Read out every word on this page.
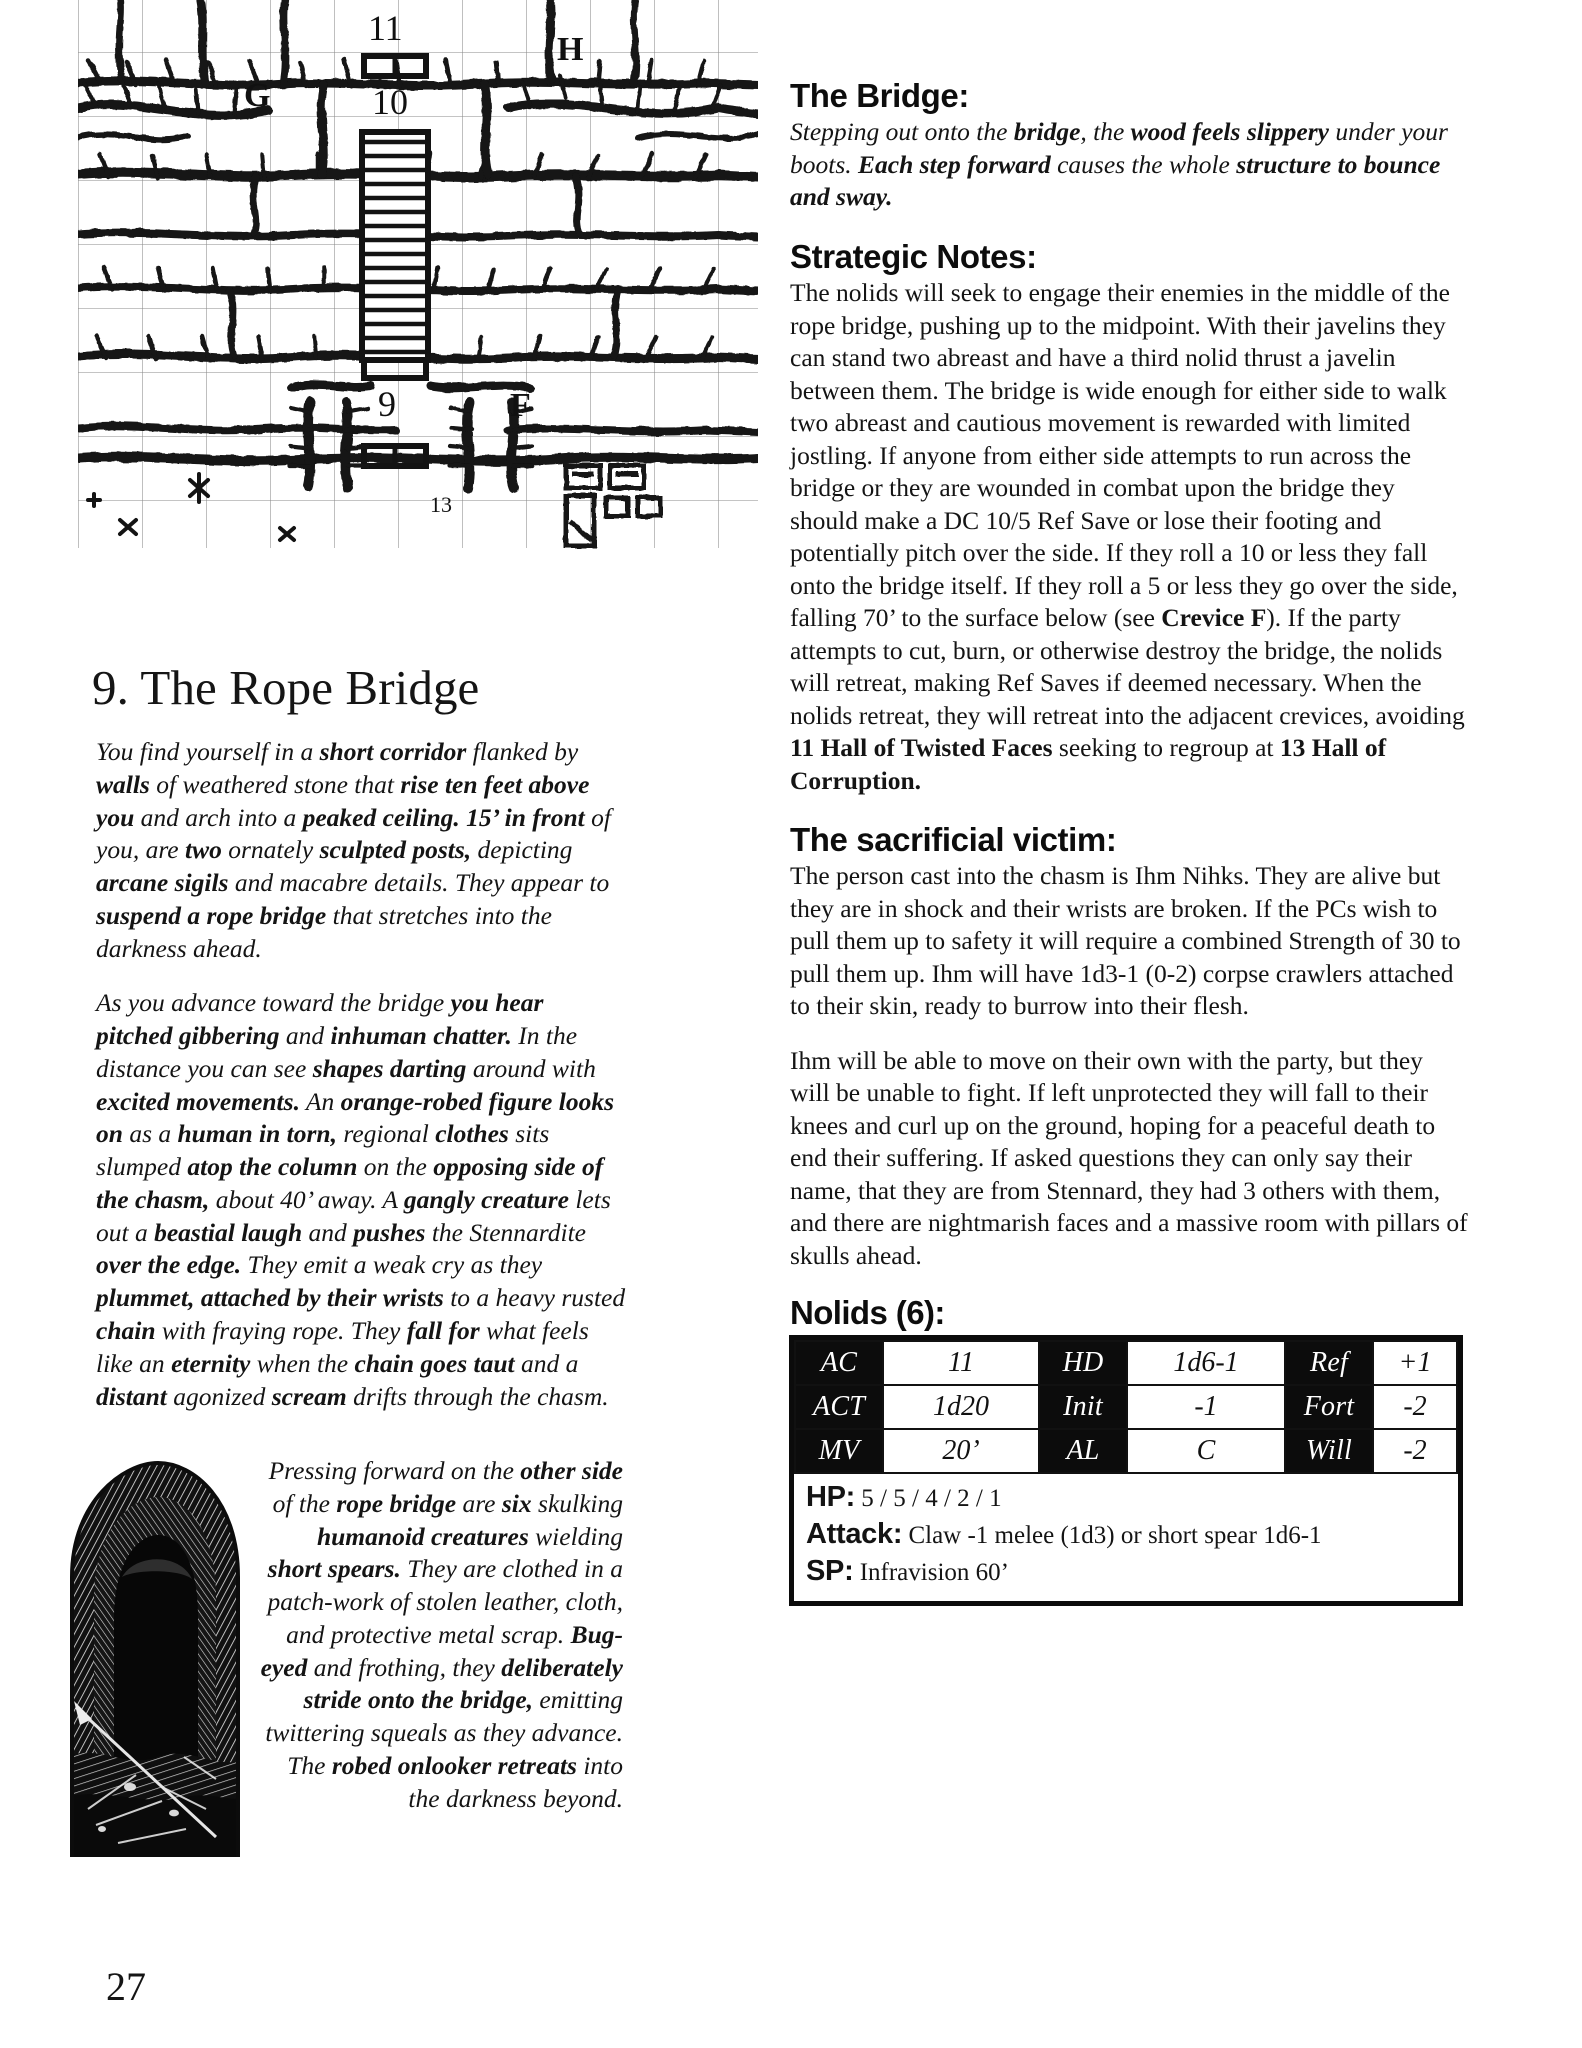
11
H
G	10
9	F
13
9. The Rope Bridge

You find yourself in a short corridor flanked by walls of weathered stone that rise ten feet above you and arch into a peaked ceiling. 15’ in front of you, are two ornately sculpted posts, depicting arcane sigils and macabre details. They appear to suspend a rope bridge that stretches into the darkness ahead.

As you advance toward the bridge you hear pitched gibbering and inhuman chatter. In the distance you can see shapes darting around with excited movements. An orange-robed figure looks on as a human in torn, regional clothes sits slumped atop the column on the opposing side of the chasm, about 40’ away. A gangly creature lets out a beastial laugh and pushes the Stennardite over the edge. They emit a weak cry as they plummet, attached by their wrists to a heavy rusted chain with fraying rope. They fall for what feels like an eternity when the chain goes taut and a distant agonized scream drifts through the chasm.

Pressing forward on the other side of the rope bridge are six skulking humanoid creatures wielding short spears. They are clothed in a patch-work of stolen leather, cloth, and protective metal scrap. Bug-eyed and frothing, they deliberately stride onto the bridge, emitting twittering squeals as they advance. The robed onlooker retreats into the darkness beyond.

27
The Bridge:

Stepping out onto the bridge, the wood feels slippery under your boots. Each step forward causes the whole structure to bounce and sway.

Strategic Notes:

The nolids will seek to engage their enemies in the middle of the rope bridge, pushing up to the midpoint. With their javelins they can stand two abreast and have a third nolid thrust a javelin between them. The bridge is wide enough for either side to walk two abreast and cautious movement is rewarded with limited jostling. If anyone from either side attempts to run across the bridge or they are wounded in combat upon the bridge they should make a DC 10/5 Ref Save or lose their footing and potentially pitch over the side. If they roll a 10 or less they fall onto the bridge itself. If they roll a 5 or less they go over the side, falling 70’ to the surface below (see Crevice F). If the party attempts to cut, burn, or otherwise destroy the bridge, the nolids will retreat, making Ref Saves if deemed necessary. When the nolids retreat, they will retreat into the adjacent crevices, avoiding 11 Hall of Twisted Faces seeking to regroup at 13 Hall of Corruption.

The sacrificial victim:

The person cast into the chasm is Ihm Nihks. They are alive but they are in shock and their wrists are broken. If the PCs wish to pull them up to safety it will require a combined Strength of 30 to pull them up. Ihm will have 1d3-1 (0-2) corpse crawlers attached to their skin, ready to burrow into their flesh.

Ihm will be able to move on their own with the party, but they will be unable to fight. If left unprotected they will fall to their knees and curl up on the ground, hoping for a peaceful death to end their suffering. If asked questions they can only say their name, that they are from Stennard, they had 3 others with them, and there are nightmarish faces and a massive room with pillars of skulls ahead.

Nolids (6):
AC	11	HD	1d6-1	Ref	+1
ACT	1d20	Init	-1	Fort	-2
MV	20’	AL	C	Will	-2
HP: 5 / 5 / 4 / 2 / 1
Attack: Claw -1 melee (1d3) or short spear 1d6-1
SP: Infravision 60’
